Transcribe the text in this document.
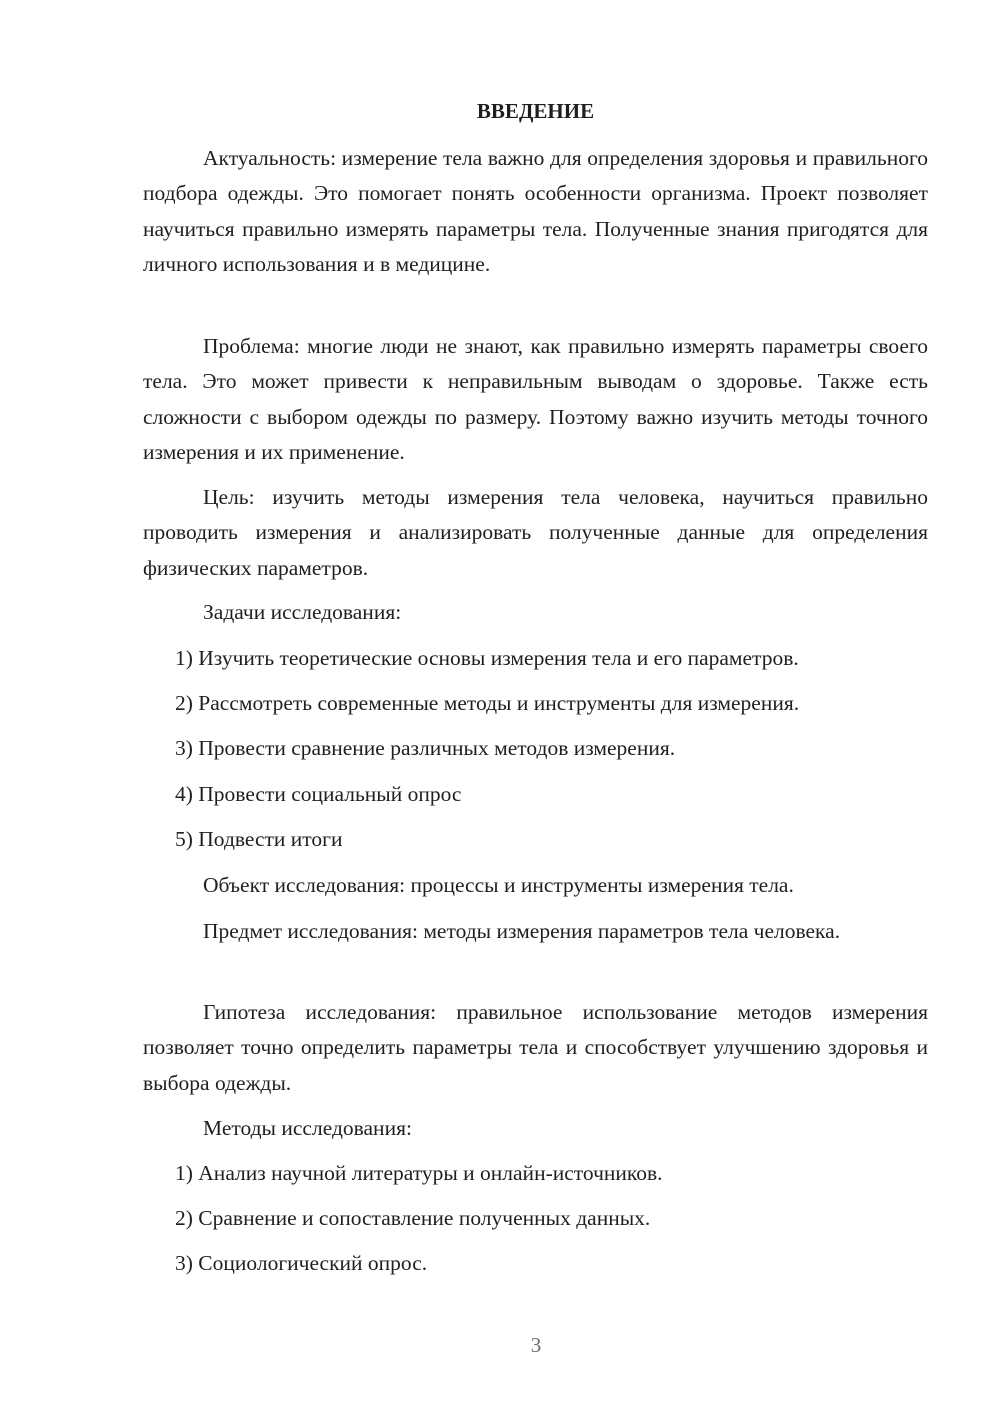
ВВЕДЕНИЕ

Актуальность: измерение тела важно для определения здоровья и правильного подбора одежды. Это помогает понять особенности организма. Проект позволяет научиться правильно измерять параметры тела. Полученные знания пригодятся для личного использования и в медицине.

Проблема: многие люди не знают, как правильно измерять параметры своего тела. Это может привести к неправильным выводам о здоровье. Также есть сложности с выбором одежды по размеру. Поэтому важно изучить методы точного измерения и их применение.

Цель: изучить методы измерения тела человека, научиться правильно проводить измерения и анализировать полученные данные для определения физических параметров.

Задачи исследования:

1) Изучить теоретические основы измерения тела и его параметров.

2) Рассмотреть современные методы и инструменты для измерения.

3) Провести сравнение различных методов измерения.

4) Провести социальный опрос

5) Подвести итоги

Объект исследования: процессы и инструменты измерения тела.

Предмет исследования: методы измерения параметров тела человека.

Гипотеза исследования: правильное использование методов измерения позволяет точно определить параметры тела и способствует улучшению здоровья и выбора одежды.

Методы исследования:

1) Анализ научной литературы и онлайн-источников.

2) Сравнение и сопоставление полученных данных.

3) Социологический опрос.

3
